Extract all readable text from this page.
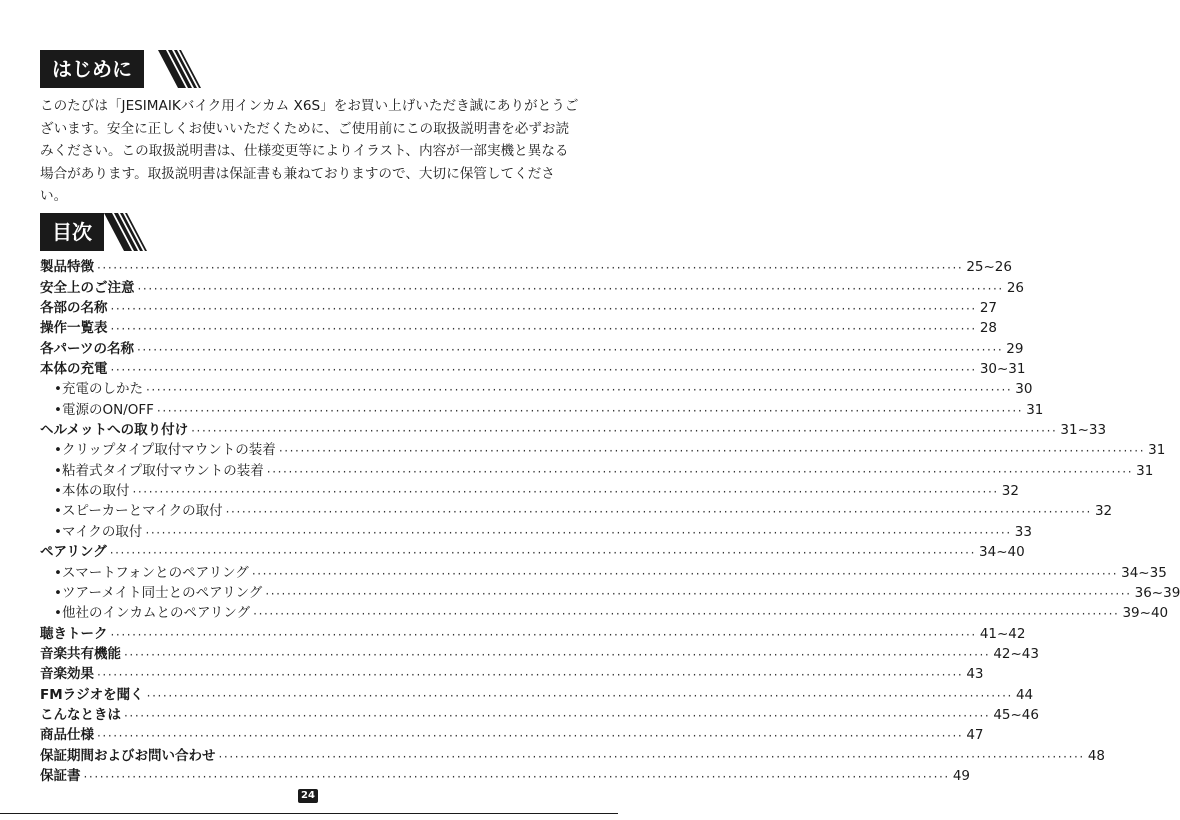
はじめに
このたびは「JESIMAIKバイク用インカム X6S」をお買い上げいただき誠にありがとうございます。安全に正しくお使いいただくために、ご使用前にこの取扱説明書を必ずお読みください。この取扱説明書は、仕様変更等によりイラスト、内容が一部実機と異なる場合があります。取扱説明書は保証書も兼ねておりますので、大切に保管してください。
目次
製品特徴 ································································································································································ 25~26
安全上のご注意 ································································································································································ 26
各部の名称 ································································································································································ 27
操作一覧表 ································································································································································ 28
各パーツの名称 ································································································································································ 29
本体の充電 ································································································································································ 30~31
•充電のしかた ································································································································································ 30
•電源のON/OFF ································································································································································ 31
ヘルメットへの取り付け ································································································································································ 31~33
•クリップタイプ取付マウントの装着 ································································································································································ 31
•粘着式タイプ取付マウントの装着 ································································································································································ 31
•本体の取付 ································································································································································ 32
•スピーカーとマイクの取付 ································································································································································ 32
•マイクの取付 ································································································································································ 33
ペアリング ································································································································································ 34~40
•スマートフォンとのペアリング ································································································································································ 34~35
•ツアーメイト同士とのペアリング ································································································································································ 36~39
•他社のインカムとのペアリング ································································································································································ 39~40
聴きトーク ································································································································································ 41~42
音楽共有機能 ································································································································································ 42~43
音楽効果 ································································································································································ 43
FMラジオを聞く ································································································································································ 44
こんなときは ································································································································································ 45~46
商品仕様 ································································································································································ 47
保証期間およびお問い合わせ ································································································································································ 48
保証書 ································································································································································ 49
24
